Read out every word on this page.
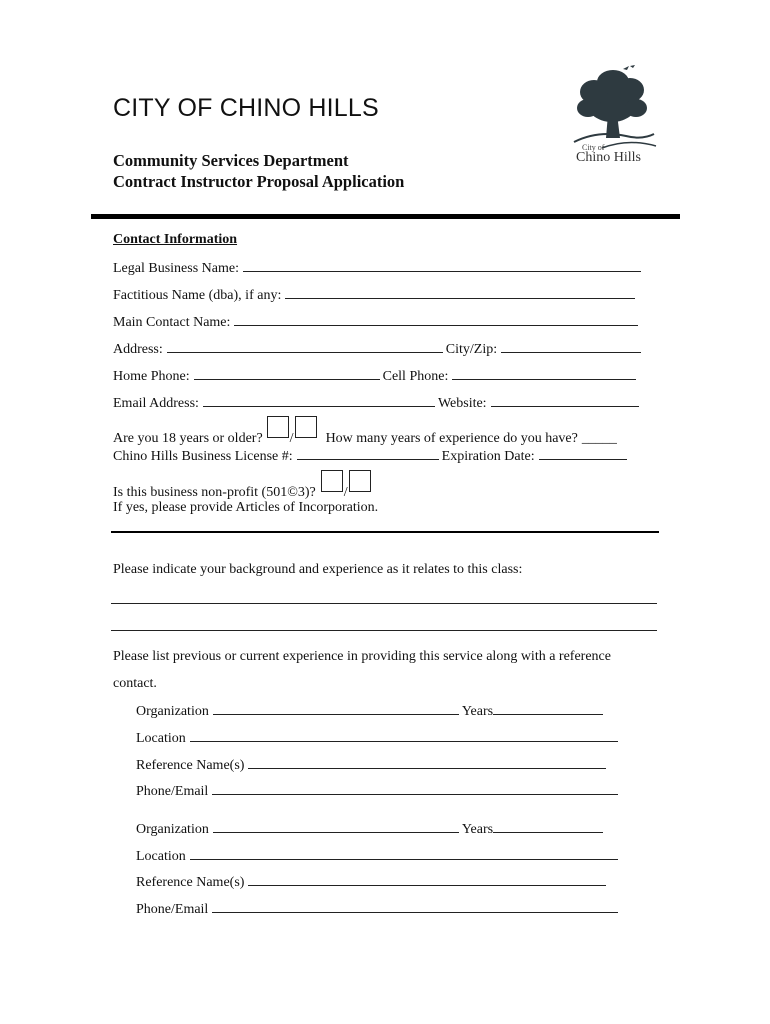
CITY OF CHINO HILLS
Community Services Department
Contract Instructor Proposal Application
City of
Chino Hills
Contact Information
Legal Business Name:
Factitious Name (dba), if any:
Main Contact Name:
Address:	City/Zip:
Home Phone:	Cell Phone:
Email Address:	Website:
Are you 18 years or older? / How many years of experience do you have? _____
Chino Hills Business License #:	Expiration Date:
Is this business non-profit (501©3)? /
If yes, please provide Articles of Incorporation.
Please indicate your background and experience as it relates to this class:
Please list previous or current experience in providing this service along with a reference
contact.
Organization	Years
Location
Reference Name(s)
Phone/Email
Organization	Years
Location
Reference Name(s)
Phone/Email
